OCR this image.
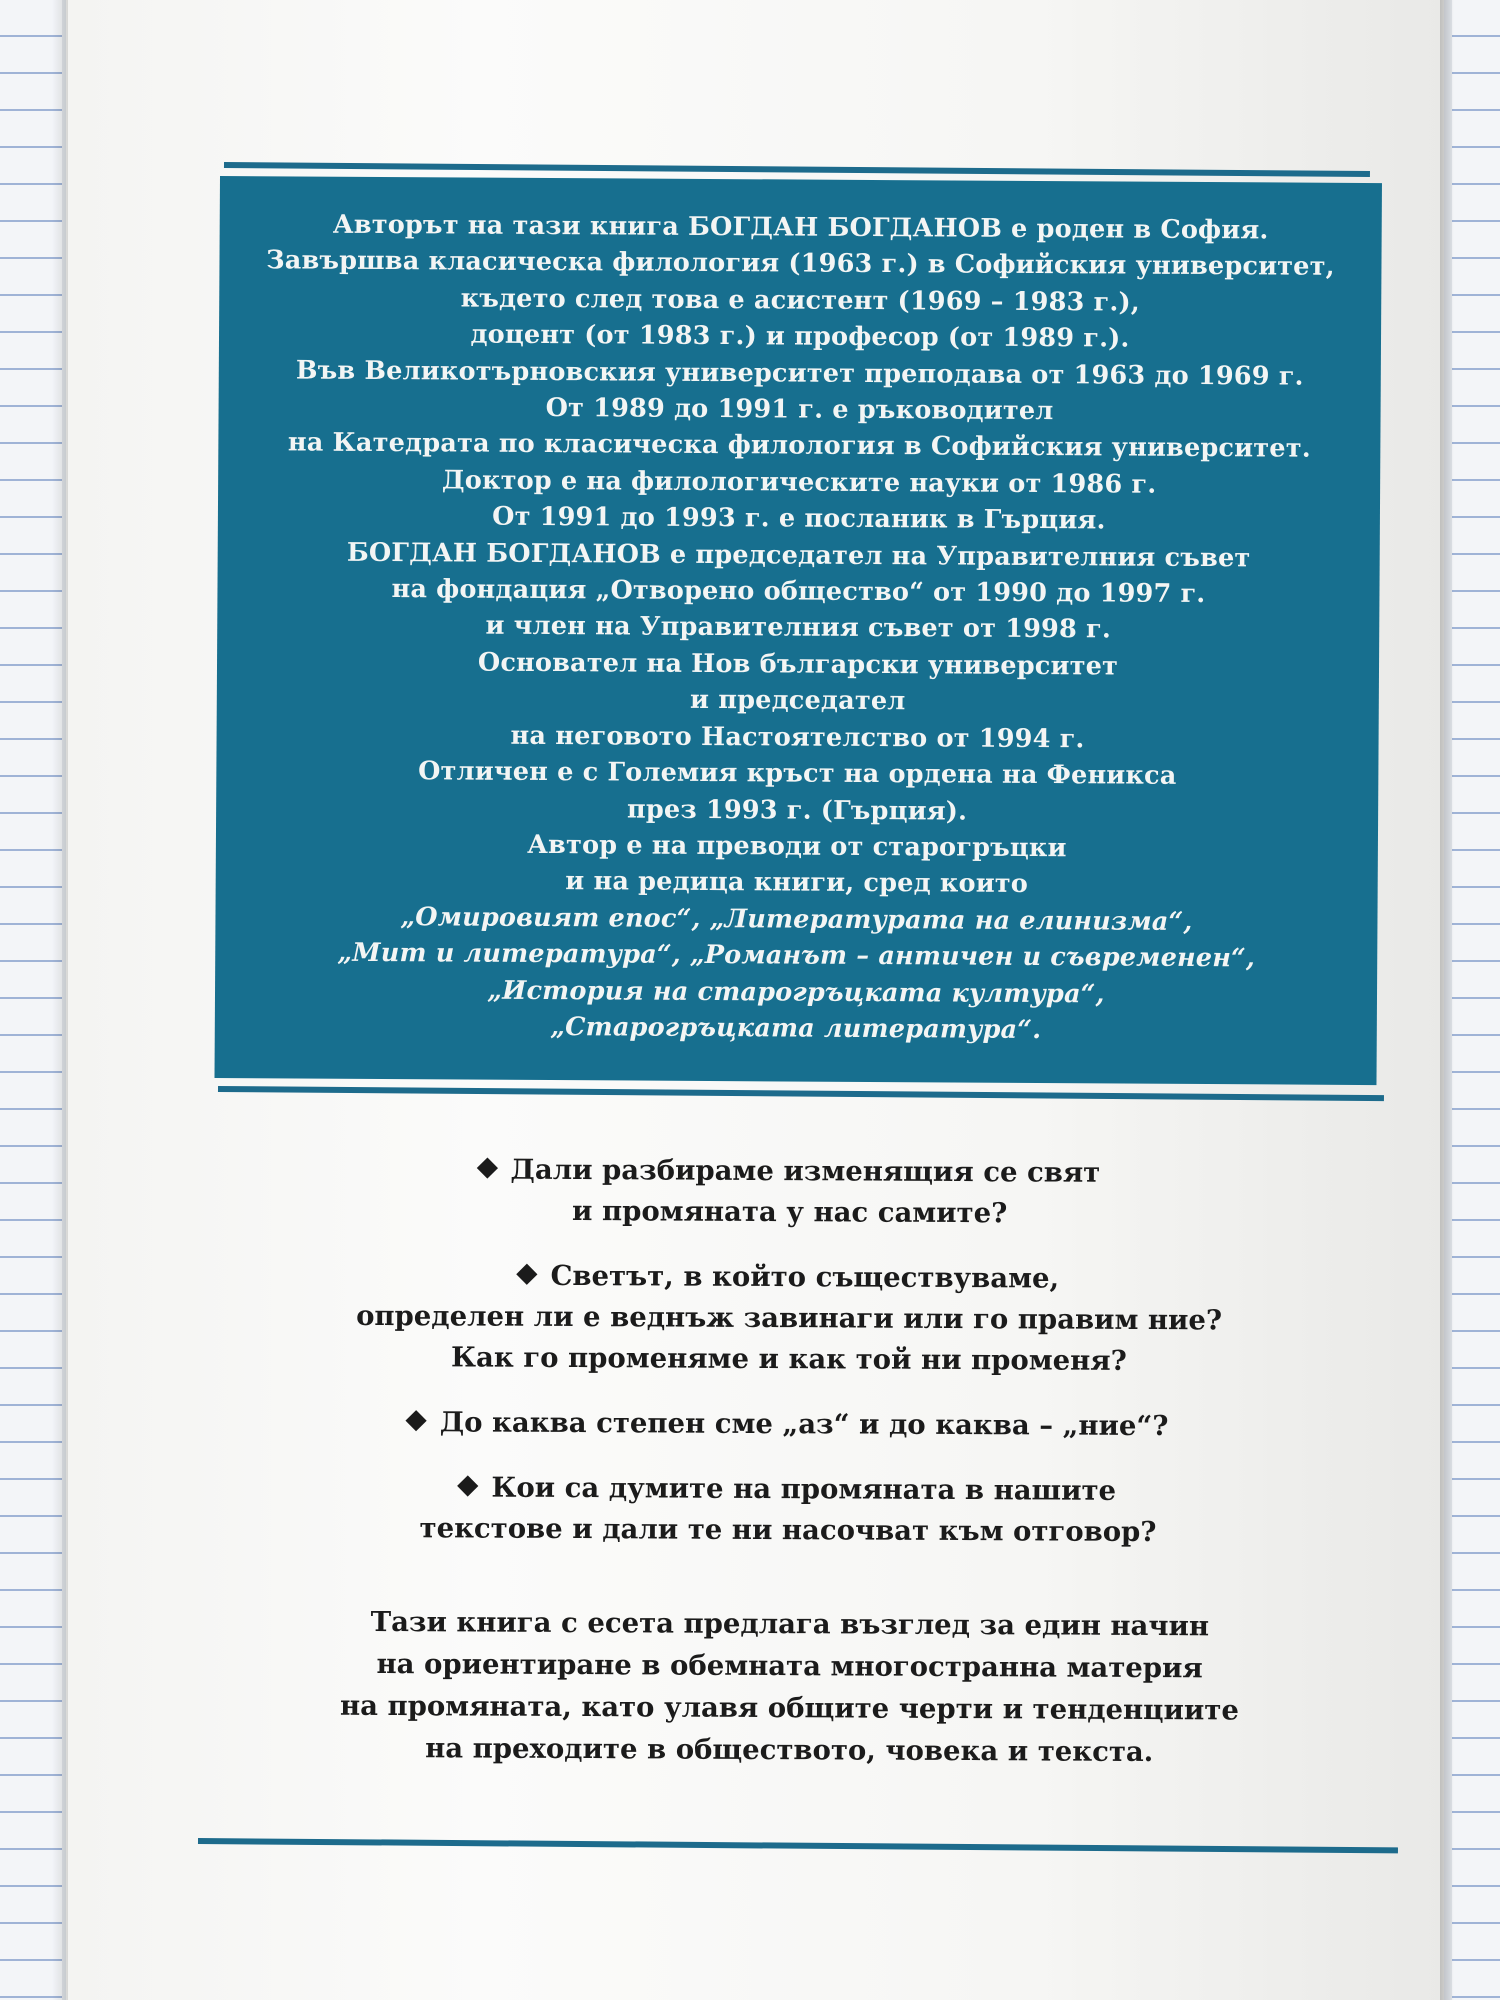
Авторът на тази книга БОГДАН БОГДАНОВ е роден в София.
Завършва класическа филология (1963 г.) в Софийския университет,
където след това е асистент (1969 – 1983 г.),
доцент (от 1983 г.) и професор (от 1989 г.).
Във Великотърновския университет преподава от 1963 до 1969 г.
От 1989 до 1991 г. е ръководител
на Катедрата по класическа филология в Софийския университет.
Доктор е на филологическите науки от 1986 г.
От 1991 до 1993 г. е посланик в Гърция.
БОГДАН БОГДАНОВ е председател на Управителния съвет
на фондация „Отворено общество“ от 1990 до 1997 г.
и член на Управителния съвет от 1998 г.
Основател на Нов български университет
и председател
на неговото Настоятелство от 1994 г.
Отличен е с Големия кръст на ордена на Феникса
през 1993 г. (Гърция).
Автор е на преводи от старогръцки
и на редица книги, сред които
„Омировият епос“, „Литературата на елинизма“,
„Мит и литература“, „Романът – античен и съвременен“,
„История на старогръцката култура“,
„Старогръцката литература“.
Дали разбираме изменящия се свят
и промяната у нас самите?
Светът, в който съществуваме,
определен ли е веднъж завинаги или го правим ние?
Как го променяме и как той ни променя?
До каква степен сме „аз“ и до каква – „ние“?
Кои са думите на промяната в нашите
текстове и дали те ни насочват към отговор?
Тази книга с есета предлага възглед за един начин
на ориентиране в обемната многостранна материя
на промяната, като улавя общите черти и тенденциите
на преходите в обществото, човека и текста.
